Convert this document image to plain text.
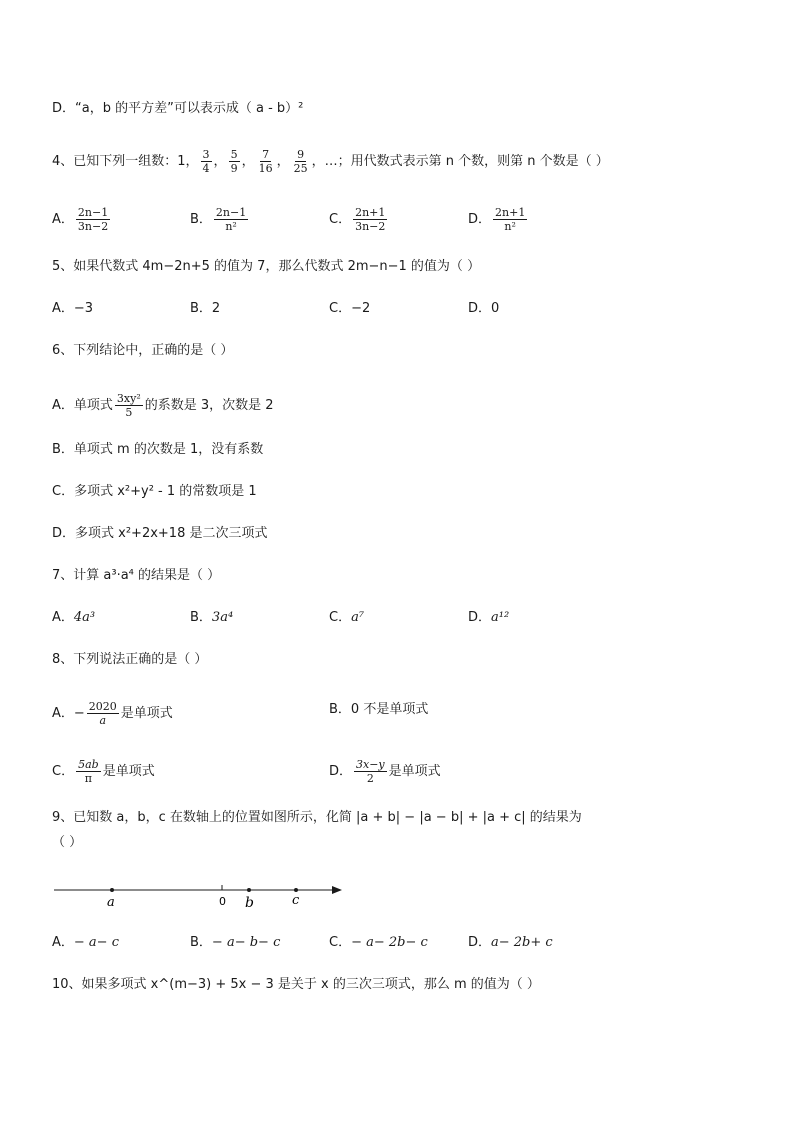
D．“a，b 的平方差”可以表示成（ a - b）²
4、已知下列一组数：1， $\frac{3}{4}$ ， $\frac{5}{9}$ ， $\frac{7}{16}$ ， $\frac{9}{25}$ ，…；用代数式表示第 n 个数，则第 n 个数是（ ）
A． $\frac{2n-1}{3n-2}$	B． $\frac{2n-1}{\text{n²}}$	C． $\frac{2n+1}{3n-2}$	D． $\frac{2n+1}{\text{n²}}$
5、如果代数式 4m−2n+5 的值为 7，那么代数式 2m−n−1 的值为（ ）
A．−3	B．2	C．−2	D．0
6、下列结论中，正确的是（ ）
A．单项式 $\frac{\text{3xy²}}{5}$ 的系数是 3，次数是 2
B．单项式 m 的次数是 1，没有系数
C．多项式 x²+y² - 1 的常数项是 1
D．多项式 x²+2x+18 是二次三项式
7、计算 a³·a⁴ 的结果是（ ）
A．4a³	B．3a⁴	C．a⁷	D．a¹²
8、下列说法正确的是（ ）
A．− $\frac{2020}{a}$ 是单项式	B．0 不是单项式
C． $\frac{5ab}{\pi}$ 是单项式	D． $\frac{3x-y}{2}$ 是单项式
9、已知数 a，b，c 在数轴上的位置如图所示，化简 |a + b| − |a − b| + |a + c| 的结果为
（ ）
a	0 b	c
A．− a− c	B．− a− b− c	C．− a− 2b− c	D．a− 2b+ c
10、如果多项式 x^(m−3) + 5x − 3 是关于 x 的三次三项式，那么 m 的值为（ ）
